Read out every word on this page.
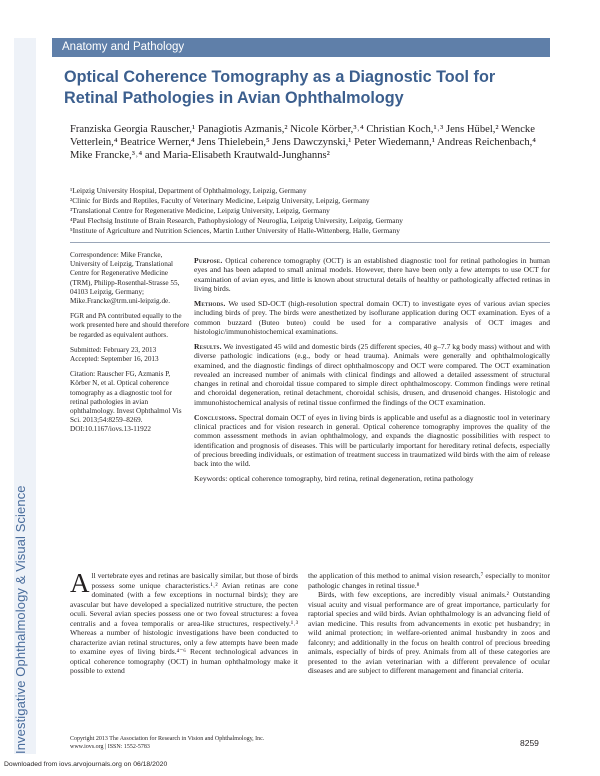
Anatomy and Pathology
Optical Coherence Tomography as a Diagnostic Tool for Retinal Pathologies in Avian Ophthalmology
Franziska Georgia Rauscher,¹ Panagiotis Azmanis,² Nicole Körber,³˒⁴ Christian Koch,¹˒³ Jens Hübel,² Wencke Vetterlein,⁴ Beatrice Werner,⁴ Jens Thielebein,⁵ Jens Dawczynski,¹ Peter Wiedemann,¹ Andreas Reichenbach,⁴ Mike Francke,³˒⁴ and Maria-Elisabeth Krautwald-Junghanns²
¹Leipzig University Hospital, Department of Ophthalmology, Leipzig, Germany
²Clinic for Birds and Reptiles, Faculty of Veterinary Medicine, Leipzig University, Leipzig, Germany
³Translational Centre for Regenerative Medicine, Leipzig University, Leipzig, Germany
⁴Paul Flechsig Institute of Brain Research, Pathophysiology of Neuroglia, Leipzig University, Leipzig, Germany
⁵Institute of Agriculture and Nutrition Sciences, Martin Luther University of Halle-Wittenberg, Halle, Germany

Correspondence: Mike Francke, University of Leipzig, Translational Centre for Regenerative Medicine (TRM), Philipp-Rosenthal-Strasse 55, 04103 Leipzig, Germany; Mike.Francke@trm.uni-leipzig.de.

FGR and PA contributed equally to the work presented here and should therefore be regarded as equivalent authors.

Submitted: February 23, 2013

Accepted: September 16, 2013

Citation: Rauscher FG, Azmanis P, Körber N, et al. Optical coherence tomography as a diagnostic tool for retinal pathologies in avian ophthalmology. Invest Ophthalmol Vis Sci. 2013;54:8259–8269. DOI:10.1167/iovs.13-11922

Purpose. Optical coherence tomography (OCT) is an established diagnostic tool for retinal pathologies in human eyes and has been adapted to small animal models. However, there have been only a few attempts to use OCT for examination of avian eyes, and little is known about structural details of healthy or pathologically affected retinas in living birds.

Methods. We used SD-OCT (high-resolution spectral domain OCT) to investigate eyes of various avian species including birds of prey. The birds were anesthetized by isoflurane application during OCT examination. Eyes of a common buzzard (Buteo buteo) could be used for a comparative analysis of OCT images and histologic/immunohistochemical examinations.

Results. We investigated 45 wild and domestic birds (25 different species, 40 g–7.7 kg body mass) without and with diverse pathologic indications (e.g., body or head trauma). Animals were generally and ophthalmologically examined, and the diagnostic findings of direct ophthalmoscopy and OCT were compared. The OCT examination revealed an increased number of animals with clinical findings and allowed a detailed assessment of structural changes in retinal and choroidal tissue compared to simple direct ophthalmoscopy. Common findings were retinal and choroidal degeneration, retinal detachment, choroidal schisis, drusen, and drusenoid changes. Histologic and immunohistochemical analysis of retinal tissue confirmed the findings of the OCT examination.

Conclusions. Spectral domain OCT of eyes in living birds is applicable and useful as a diagnostic tool in veterinary clinical practices and for vision research in general. Optical coherence tomography improves the quality of the common assessment methods in avian ophthalmology, and expands the diagnostic possibilities with respect to identification and prognosis of diseases. This will be particularly important for hereditary retinal defects, especially of precious breeding individuals, or estimation of treatment success in traumatized wild birds with the aim of release back into the wild.

Keywords: optical coherence tomography, bird retina, retinal degeneration, retina pathology

All vertebrate eyes and retinas are basically similar, but those of birds possess some unique characteristics.¹˒² Avian retinas are cone dominated (with a few exceptions in nocturnal birds); they are avascular but have developed a specialized nutritive structure, the pecten oculi. Several avian species possess one or two foveal structures: a fovea centralis and a fovea temporalis or area-like structures, respectively.¹˒³ Whereas a number of histologic investigations have been conducted to characterize avian retinal structures, only a few attempts have been made to examine eyes of living birds.⁴⁻⁶ Recent technological advances in optical coherence tomography (OCT) in human ophthalmology make it possible to extend

the application of this method to animal vision research,⁷ especially to monitor pathologic changes in retinal tissue.⁸

Birds, with few exceptions, are incredibly visual animals.² Outstanding visual acuity and visual performance are of great importance, particularly for raptorial species and wild birds. Avian ophthalmology is an advancing field of avian medicine. This results from advancements in exotic pet husbandry; in wild animal protection; in welfare-oriented animal husbandry in zoos and falconry; and additionally in the focus on health control of precious breeding animals, especially of birds of prey. Animals from all of these categories are presented to the avian veterinarian with a different prevalence of ocular diseases and are subject to different management and financial criteria.

Copyright 2013 The Association for Research in Vision and Ophthalmology, Inc.
www.iovs.org | ISSN: 1552-5783	8259
Downloaded from iovs.arvojournals.org on 06/18/2020
